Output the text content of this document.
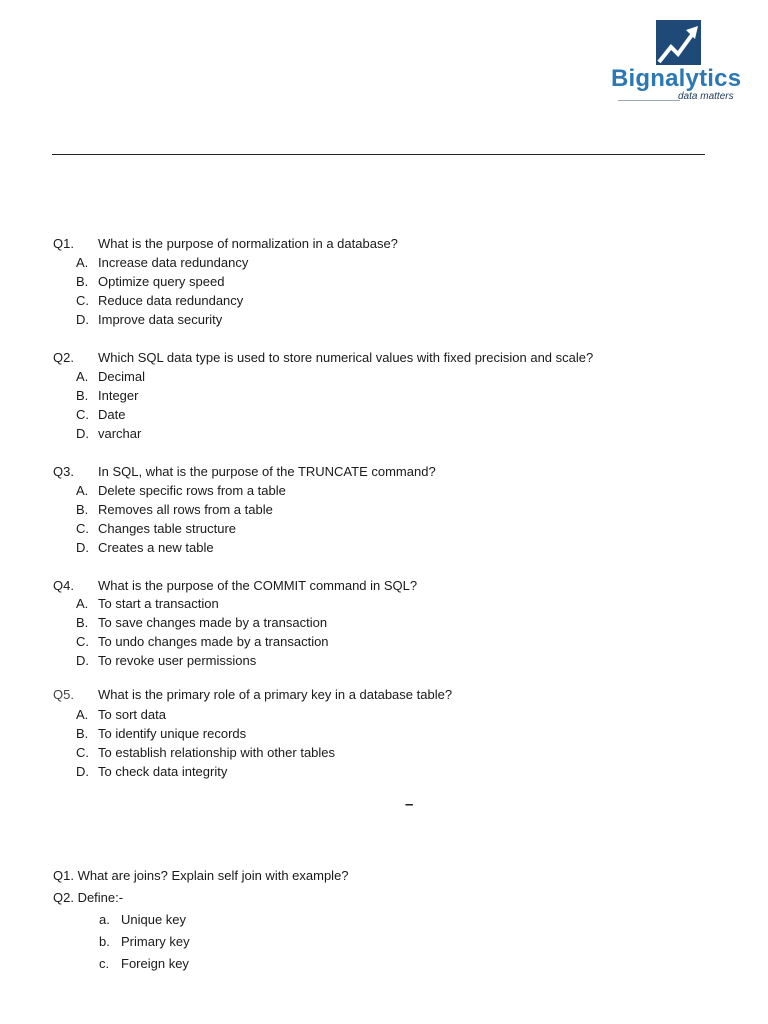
Bignalytics
data matters
Q1. What is the purpose of normalization in a database?
A. Increase data redundancy
B. Optimize query speed
C. Reduce data redundancy
D. Improve data security
Q2. Which SQL data type is used to store numerical values with fixed precision and scale?
A. Decimal
B. Integer
C. Date
D. varchar
Q3. In SQL, what is the purpose of the TRUNCATE command?
A. Delete specific rows from a table
B. Removes all rows from a table
C. Changes table structure
D. Creates a new table
Q4. What is the purpose of the COMMIT command in SQL?
A. To start a transaction
B. To save changes made by a transaction
C. To undo changes made by a transaction
D. To revoke user permissions
Q5. What is the primary role of a primary key in a database table?
A. To sort data
B. To identify unique records
C. To establish relationship with other tables
D. To check data integrity
–
Q1. What are joins? Explain self join with example?
Q2. Define:-
a. Unique key
b. Primary key
c. Foreign key
